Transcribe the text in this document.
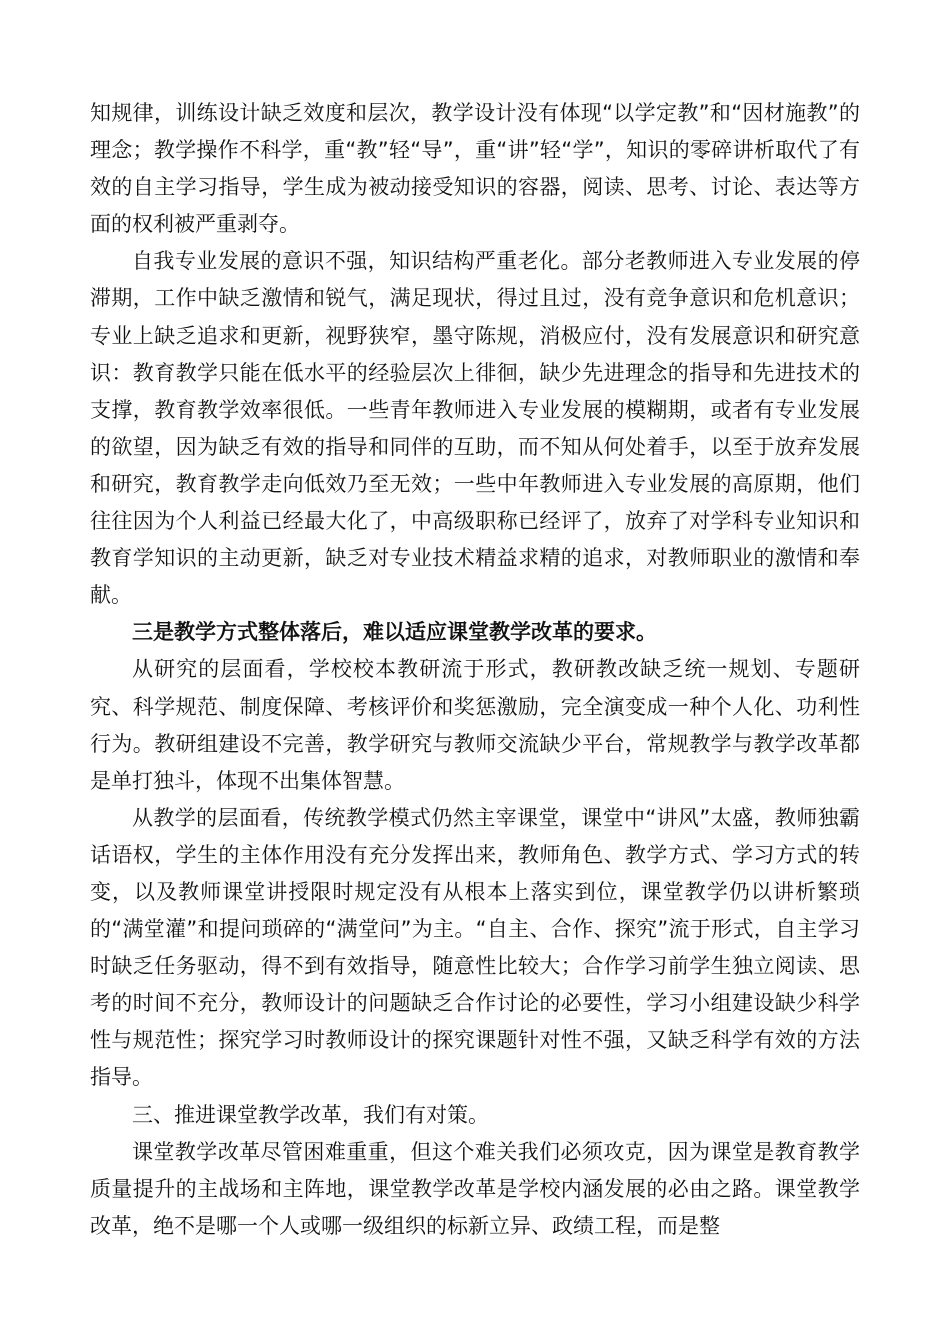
知规律，训练设计缺乏效度和层次，教学设计没有体现“以学定教”和“因材施教”的理念；教学操作不科学，重“教”轻“导”，重“讲”轻“学”，知识的零碎讲析取代了有效的自主学习指导，学生成为被动接受知识的容器，阅读、思考、讨论、表达等方面的权利被严重剥夺。

自我专业发展的意识不强，知识结构严重老化。部分老教师进入专业发展的停滞期，工作中缺乏激情和锐气，满足现状，得过且过，没有竞争意识和危机意识；专业上缺乏追求和更新，视野狭窄，墨守陈规，消极应付，没有发展意识和研究意识：教育教学只能在低水平的经验层次上徘徊，缺少先进理念的指导和先进技术的支撑，教育教学效率很低。一些青年教师进入专业发展的模糊期，或者有专业发展的欲望，因为缺乏有效的指导和同伴的互助，而不知从何处着手，以至于放弃发展和研究，教育教学走向低效乃至无效；一些中年教师进入专业发展的高原期，他们往往因为个人利益已经最大化了，中高级职称已经评了，放弃了对学科专业知识和教育学知识的主动更新，缺乏对专业技术精益求精的追求，对教师职业的激情和奉献。

三是教学方式整体落后，难以适应课堂教学改革的要求。

从研究的层面看，学校校本教研流于形式，教研教改缺乏统一规划、专题研究、科学规范、制度保障、考核评价和奖惩激励，完全演变成一种个人化、功利性行为。教研组建设不完善，教学研究与教师交流缺少平台，常规教学与教学改革都是单打独斗，体现不出集体智慧。

从教学的层面看，传统教学模式仍然主宰课堂，课堂中“讲风”太盛，教师独霸话语权，学生的主体作用没有充分发挥出来，教师角色、教学方式、学习方式的转变，以及教师课堂讲授限时规定没有从根本上落实到位，课堂教学仍以讲析繁琐的“满堂灌”和提问琐碎的“满堂问”为主。“自主、合作、探究”流于形式，自主学习时缺乏任务驱动，得不到有效指导，随意性比较大；合作学习前学生独立阅读、思考的时间不充分，教师设计的问题缺乏合作讨论的必要性，学习小组建设缺少科学性与规范性；探究学习时教师设计的探究课题针对性不强，又缺乏科学有效的方法指导。

三、推进课堂教学改革，我们有对策。

课堂教学改革尽管困难重重，但这个难关我们必须攻克，因为课堂是教育教学质量提升的主战场和主阵地，课堂教学改革是学校内涵发展的必由之路。课堂教学改革，绝不是哪一个人或哪一级组织的标新立异、政绩工程，而是整
